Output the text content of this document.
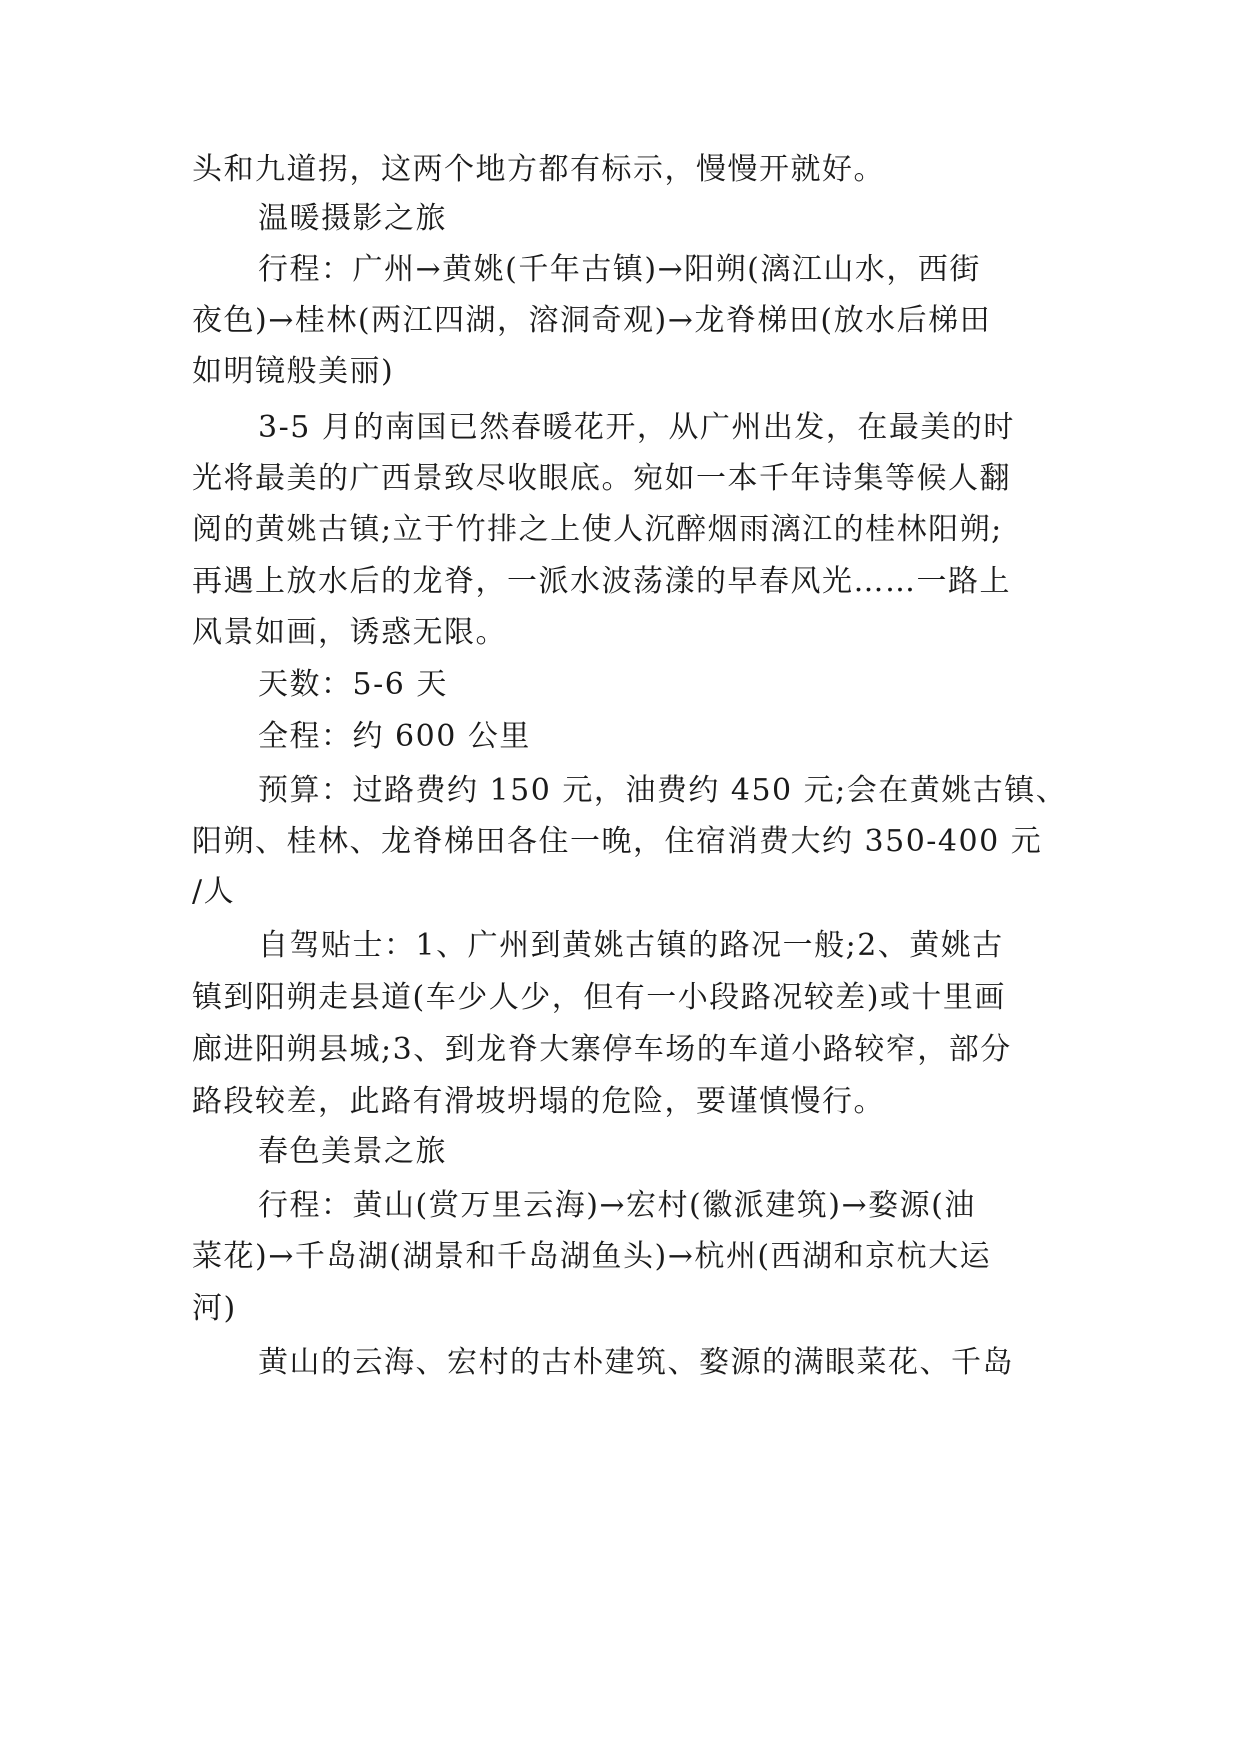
头和九道拐，这两个地方都有标示，慢慢开就好。
温暖摄影之旅
行程：广州→黄姚(千年古镇)→阳朔(漓江山水，西街
夜色)→桂林(两江四湖，溶洞奇观)→龙脊梯田(放水后梯田
如明镜般美丽)
3-5 月的南国已然春暖花开，从广州出发，在最美的时
光将最美的广西景致尽收眼底。宛如一本千年诗集等候人翻
阅的黄姚古镇;立于竹排之上使人沉醉烟雨漓江的桂林阳朔;
再遇上放水后的龙脊，一派水波荡漾的早春风光……一路上
风景如画，诱惑无限。
天数：5-6 天
全程：约 600 公里
预算：过路费约 150 元，油费约 450 元;会在黄姚古镇、
阳朔、桂林、龙脊梯田各住一晚，住宿消费大约 350-400 元
/人
自驾贴士：1、广州到黄姚古镇的路况一般;2、黄姚古
镇到阳朔走县道(车少人少，但有一小段路况较差)或十里画
廊进阳朔县城;3、到龙脊大寨停车场的车道小路较窄，部分
路段较差，此路有滑坡坍塌的危险，要谨慎慢行。
春色美景之旅
行程：黄山(赏万里云海)→宏村(徽派建筑)→婺源(油
菜花)→千岛湖(湖景和千岛湖鱼头)→杭州(西湖和京杭大运
河)
黄山的云海、宏村的古朴建筑、婺源的满眼菜花、千岛
